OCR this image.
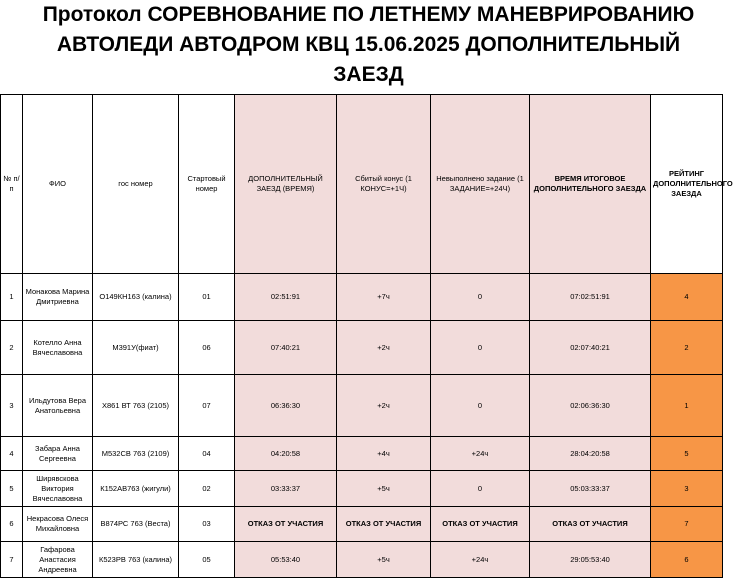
Протокол СОРЕВНОВАНИЕ ПО ЛЕТНЕМУ МАНЕВРИРОВАНИЮ
АВТОЛЕДИ АВТОДРОМ КВЦ 15.06.2025 ДОПОЛНИТЕЛЬНЫЙ
ЗАЕЗД
№ п/п	ФИО	гос номер	Стартовый номер	ДОПОЛНИТЕЛЬНЫЙ ЗАЕЗД (ВРЕМЯ)	Сбитый конус (1 КОНУС=+1Ч)	Невыполнено задание (1 ЗАДАНИЕ=+24Ч)	ВРЕМЯ ИТОГОВОЕ ДОПОЛНИТЕЛЬНОГО ЗАЕЗДА	РЕЙТИНГ ДОПОЛНИТЕЛЬНОГО ЗАЕЗДА
1	Монакова Марина Дмитриевна	О149КН163 (калина)	01	02:51:91	+7ч	0	07:02:51:91	4
2	Котелло Анна Вячеславовна	М391У(фиат)	06	07:40:21	+2ч	0	02:07:40:21	2
3	Ильдутова Вера Анатольевна	Х861 ВТ 763 (2105)	07	06:36:30	+2ч	0	02:06:36:30	1
4	Забара Анна Сергеевна	М532СВ 763 (2109)	04	04:20:58	+4ч	+24ч	28:04:20:58	5
5	Ширявскова Виктория Вячеславовна	К152АВ763 (жигули)	02	03:33:37	+5ч	0	05:03:33:37	3
6	Некрасова Олеся Михайловна	В874РС 763 (Веста)	03	ОТКАЗ ОТ УЧАСТИЯ	ОТКАЗ ОТ УЧАСТИЯ	ОТКАЗ ОТ УЧАСТИЯ	ОТКАЗ ОТ УЧАСТИЯ	7
7	Гафарова Анастасия Андреевна	К523РВ 763 (калина)	05	05:53:40	+5ч	+24ч	29:05:53:40	6
